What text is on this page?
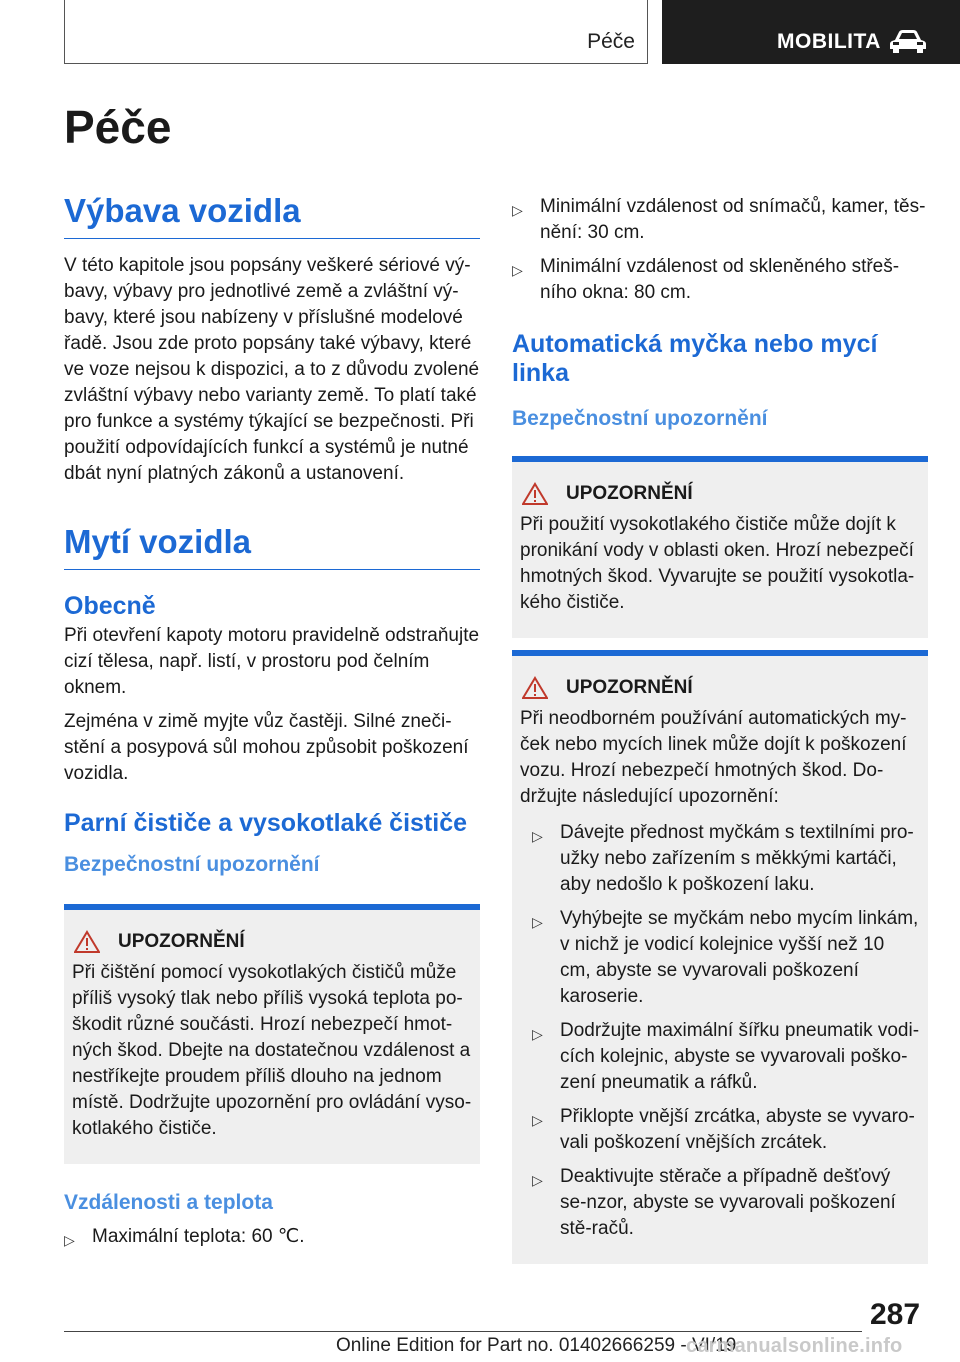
Péče	MOBILITA
Péče
Výbava vozidla

V této kapitole jsou popsány veškeré sériové vý‐bavy, výbavy pro jednotlivé země a zvláštní vý‐bavy, které jsou nabízeny v příslušné modelové řadě. Jsou zde proto popsány také výbavy, které ve voze nejsou k dispozici, a to z důvodu zvolené zvláštní výbavy nebo varianty země. To platí také pro funkce a systémy týkající se bezpečnosti. Při použití odpovídajících funkcí a systémů je nutné dbát nyní platných zákonů a ustanovení.

Mytí vozidla
Obecně

Při otevření kapoty motoru pravidelně odstraňujte cizí tělesa, např. listí, v prostoru pod čelním oknem.

Zejména v zimě myjte vůz častěji. Silné zneči‐stění a posypová sůl mohou způsobit poškození vozidla.

Parní čističe a vysokotlaké čističe
Bezpečnostní upozornění
UPOZORNĚNÍ

Při čištění pomocí vysokotlakých čističů může příliš vysoký tlak nebo příliš vysoká teplota po‐škodit různé součásti. Hrozí nebezpečí hmot‐ných škod. Dbejte na dostatečnou vzdálenost a nestříkejte proudem příliš dlouho na jednom místě. Dodržujte upozornění pro ovládání vyso‐kotlakého čističe.

Vzdálenosti a teplota
▷ Maximální teplota: 60 ℃.
▷ Minimální vzdálenost od snímačů, kamer, těs‐nění: 30 cm.
▷ Minimální vzdálenost od skleněného střeš‐ního okna: 80 cm.
Automatická myčka nebo mycí linka
Bezpečnostní upozornění
UPOZORNĚNÍ

Při použití vysokotlakého čističe může dojít k pronikání vody v oblasti oken. Hrozí nebezpečí hmotných škod. Vyvarujte se použití vysokotla‐kého čističe.

UPOZORNĚNÍ

Při neodborném používání automatických my‐ček nebo mycích linek může dojít k poškození vozu. Hrozí nebezpečí hmotných škod. Do‐držujte následující upozornění:

▷ Dávejte přednost myčkám s textilními pro‐užky nebo zařízením s měkkými kartáči, aby nedošlo k poškození laku.
▷ Vyhýbejte se myčkám nebo mycím linkám, v nichž je vodicí kolejnice vyšší než 10 cm, abyste se vyvarovali poškození karoserie.
▷ Dodržujte maximální šířku pneumatik vodi‐cích kolejnic, abyste se vyvarovali poško‐zení pneumatik a ráfků.
▷ Přiklopte vnější zrcátka, abyste se vyvaro‐vali poškození vnějších zrcátek.
▷ Deaktivujte stěrače a případně dešťový se‐nzor, abyste se vyvarovali poškození stě‐račů.
287
Online Edition for Part no. 01402666259 - VI/19
carmanualsonline.info
